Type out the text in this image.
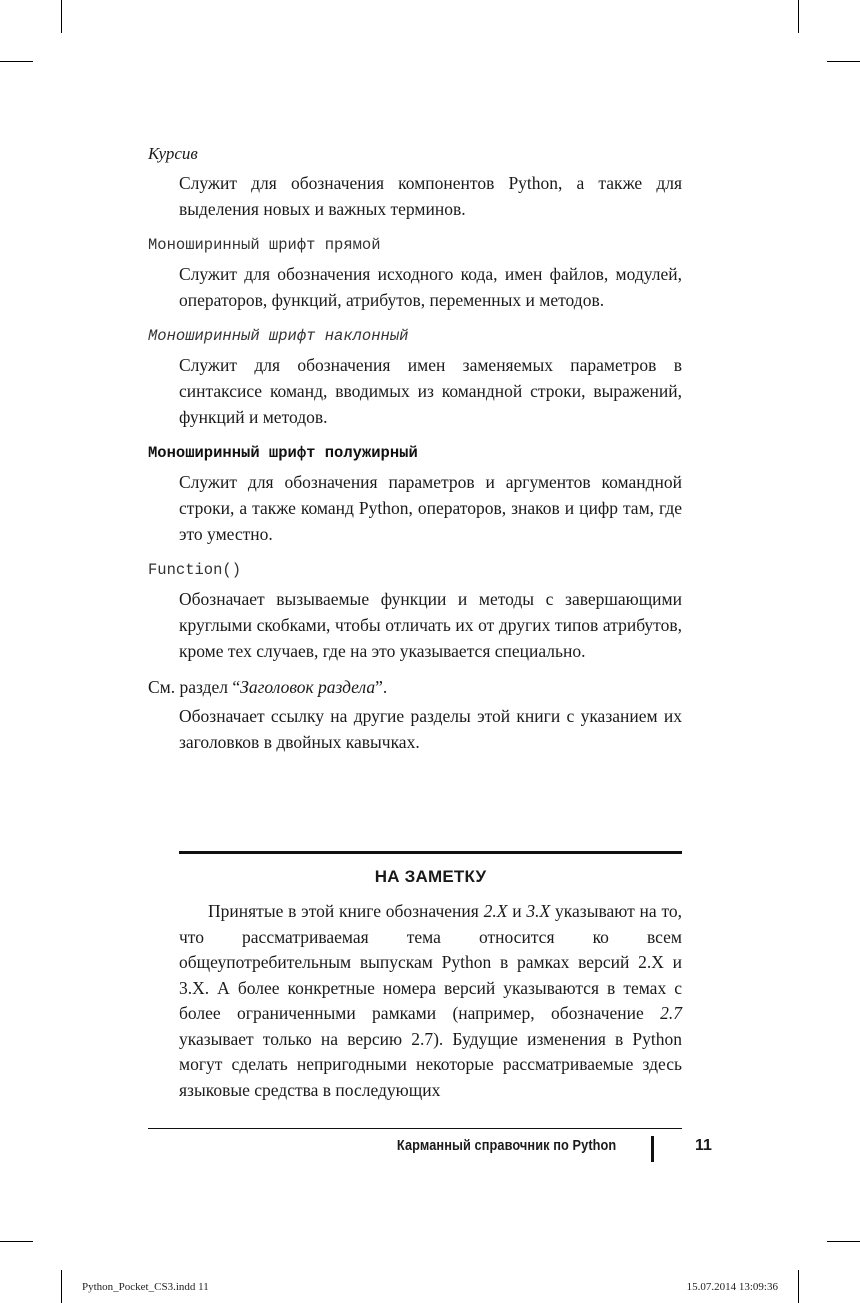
Курсив

Служит для обозначения компонентов Python, а также для выделения новых и важных терминов.

Моноширинный шрифт прямой

Служит для обозначения исходного кода, имен файлов, модулей, операторов, функций, атрибутов, переменных и методов.

Моноширинный шрифт наклонный

Служит для обозначения имен заменяемых параметров в синтаксисе команд, вводимых из командной строки, выражений, функций и методов.

Моноширинный шрифт полужирный

Служит для обозначения параметров и аргументов командной строки, а также команд Python, операторов, знаков и цифр там, где это уместно.

Function()

Обозначает вызываемые функции и методы с завершающими круглыми скобками, чтобы отличать их от других типов атрибутов, кроме тех случаев, где на это указывается специально.

См. раздел “Заголовок раздела”.

Обозначает ссылку на другие разделы этой книги с указанием их заголовков в двойных кавычках.

НА ЗАМЕТКУ

Принятые в этой книге обозначения 2.X и 3.X указывают на то, что рассматриваемая тема относится ко всем общеупотребительным выпускам Python в рамках версий 2.X и 3.X. А более конкретные номера версий указываются в темах с более ограниченными рамками (например, обозначение 2.7 указывает только на версию 2.7). Будущие изменения в Python могут сделать непригодными некоторые рассматриваемые здесь языковые средства в последующих

Карманный справочник по Python	11
Python_Pocket_CS3.indd 11	15.07.2014 13:09:36
